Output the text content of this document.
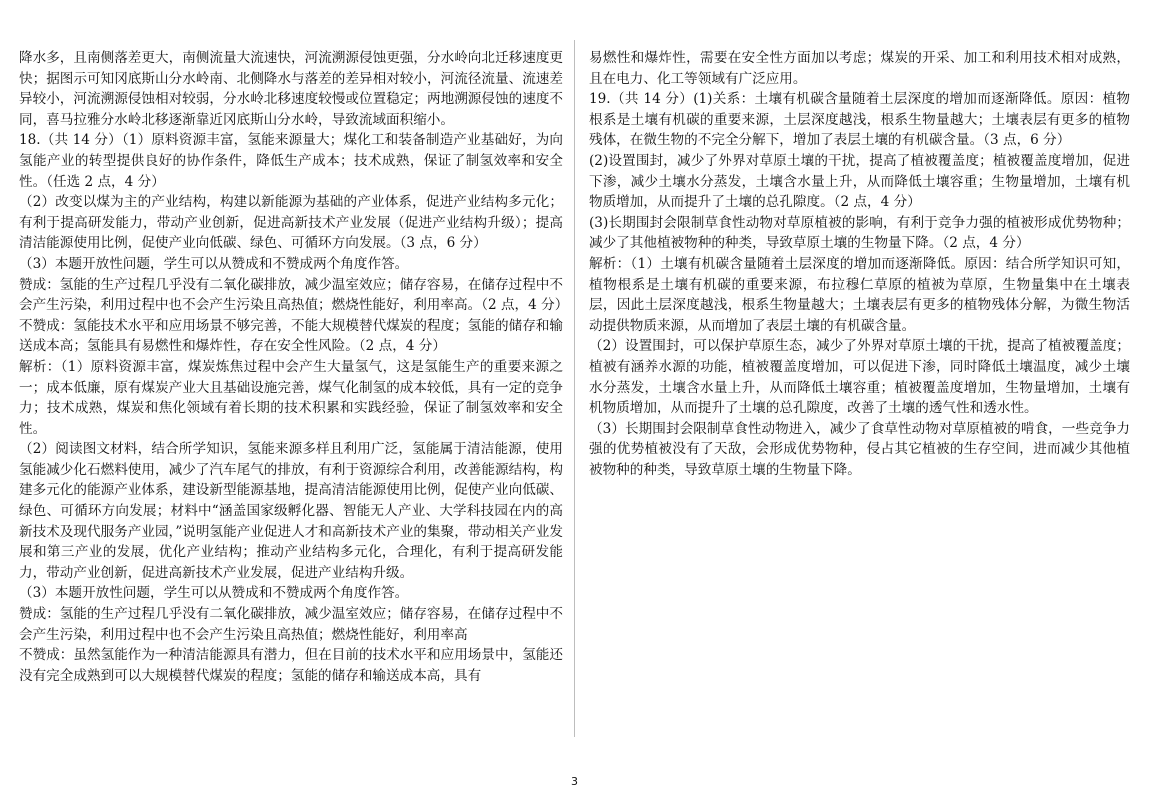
降水多，且南侧落差更大，南侧流量大流速快，河流溯源侵蚀更强，分水岭向北迁移速度更快；据图示可知冈底斯山分水岭南、北侧降水与落差的差异相对较小，河流径流量、流速差异较小，河流溯源侵蚀相对较弱，分水岭北移速度较慢或位置稳定；两地溯源侵蚀的速度不同，喜马拉雅分水岭北移逐渐靠近冈底斯山分水岭，导致流域面积缩小。

18.（共 14 分）（1）原料资源丰富，氢能来源量大；煤化工和装备制造产业基础好，为向氢能产业的转型提供良好的协作条件，降低生产成本；技术成熟，保证了制氢效率和安全性。（任选 2 点，4 分）

（2）改变以煤为主的产业结构，构建以新能源为基础的产业体系，促进产业结构多元化；有利于提高研发能力，带动产业创新，促进高新技术产业发展（促进产业结构升级）；提高清洁能源使用比例，促使产业向低碳、绿色、可循环方向发展。（3 点，6 分）

（3）本题开放性问题，学生可以从赞成和不赞成两个角度作答。

赞成：氢能的生产过程几乎没有二氧化碳排放，减少温室效应；储存容易，在储存过程中不会产生污染，利用过程中也不会产生污染且高热值；燃烧性能好，利用率高。（2 点，4 分）

不赞成：氢能技术水平和应用场景不够完善，不能大规模替代煤炭的程度；氢能的储存和输送成本高；氢能具有易燃性和爆炸性，存在安全性风险。（2 点，4 分）

解析：（1）原料资源丰富，煤炭炼焦过程中会产生大量氢气，这是氢能生产的重要来源之一；成本低廉，原有煤炭产业大且基础设施完善，煤气化制氢的成本较低，具有一定的竞争力；技术成熟，煤炭和焦化领域有着长期的技术积累和实践经验，保证了制氢效率和安全性。

（2）阅读图文材料，结合所学知识，氢能来源多样且利用广泛，氢能属于清洁能源，使用氢能减少化石燃料使用，减少了汽车尾气的排放，有利于资源综合利用，改善能源结构，构建多元化的能源产业体系，建设新型能源基地，提高清洁能源使用比例，促使产业向低碳、绿色、可循环方向发展；材料中“涵盖国家级孵化器、智能无人产业、大学科技园在内的高新技术及现代服务产业园，”说明氢能产业促进人才和高新技术产业的集聚，带动相关产业发展和第三产业的发展，优化产业结构；推动产业结构多元化，合理化，有利于提高研发能力，带动产业创新，促进高新技术产业发展，促进产业结构升级。

（3）本题开放性问题，学生可以从赞成和不赞成两个角度作答。

赞成：氢能的生产过程几乎没有二氧化碳排放，减少温室效应；储存容易，在储存过程中不会产生污染，利用过程中也不会产生污染且高热值；燃烧性能好，利用率高

不赞成：虽然氢能作为一种清洁能源具有潜力，但在目前的技术水平和应用场景中，氢能还没有完全成熟到可以大规模替代煤炭的程度；氢能的储存和输送成本高，具有

易燃性和爆炸性，需要在安全性方面加以考虑；煤炭的开采、加工和利用技术相对成熟，且在电力、化工等领域有广泛应用。

19.（共 14 分）(1)关系：土壤有机碳含量随着土层深度的增加而逐渐降低。原因：植物根系是土壤有机碳的重要来源，土层深度越浅，根系生物量越大；土壤表层有更多的植物残体，在微生物的不完全分解下，增加了表层土壤的有机碳含量。（3 点，6 分）

(2)设置围封，减少了外界对草原土壤的干扰，提高了植被覆盖度；植被覆盖度增加，促进下渗，减少土壤水分蒸发，土壤含水量上升，从而降低土壤容重；生物量增加，土壤有机物质增加，从而提升了土壤的总孔隙度。（2 点，4 分）

(3)长期围封会限制草食性动物对草原植被的影响，有利于竞争力强的植被形成优势物种；减少了其他植被物种的种类，导致草原土壤的生物量下降。（2 点，4 分）

解析：（1）土壤有机碳含量随着土层深度的增加而逐渐降低。原因：结合所学知识可知，植物根系是土壤有机碳的重要来源，布拉穆仁草原的植被为草原，生物量集中在土壤表层，因此土层深度越浅，根系生物量越大；土壤表层有更多的植物残体分解，为微生物活动提供物质来源，从而增加了表层土壤的有机碳含量。

（2）设置围封，可以保护草原生态，减少了外界对草原土壤的干扰，提高了植被覆盖度；植被有涵养水源的功能，植被覆盖度增加，可以促进下渗，同时降低土壤温度，减少土壤水分蒸发，土壤含水量上升，从而降低土壤容重；植被覆盖度增加，生物量增加，土壤有机物质增加，从而提升了土壤的总孔隙度，改善了土壤的透气性和透水性。

（3）长期围封会限制草食性动物进入，减少了食草性动物对草原植被的啃食，一些竞争力强的优势植被没有了天敌，会形成优势物种，侵占其它植被的生存空间，进而减少其他植被物种的种类，导致草原土壤的生物量下降。

3
